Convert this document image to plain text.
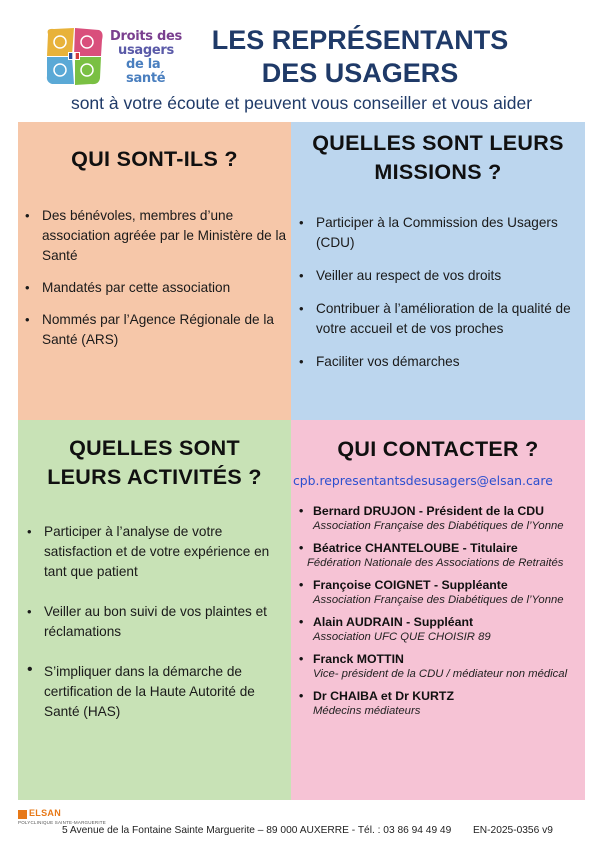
Droits des
usagers
de la santé
LES REPRÉSENTANTS
DES USAGERS
sont à votre écoute et peuvent vous conseiller et vous aider
QUI SONT-ILS ?
• Des bénévoles, membres d’une association agréée par le Ministère de la Santé
• Mandatés par cette association
• Nommés par l’Agence Régionale de la Santé (ARS)
QUELLES SONT LEURS
MISSIONS ?
• Participer à la Commission des Usagers (CDU)
• Veiller au respect de vos droits
• Contribuer à l’amélioration de la qualité de votre accueil et de vos proches
• Faciliter vos démarches
QUELLES SONT
LEURS ACTIVITÉS ?
• Participer à l’analyse de votre satisfaction et de votre expérience en tant que patient
• Veiller au bon suivi de vos plaintes et réclamations
• S’impliquer dans la démarche de certification de la Haute Autorité de Santé (HAS)
QUI CONTACTER ?
cpb.representantsdesusagers@elsan.care
• Bernard DRUJON - Président de la CDU
Association Française des Diabétiques de l’Yonne
• Béatrice CHANTELOUBE - Titulaire
Fédération Nationale des Associations de Retraités
• Françoise COIGNET - Suppléante
Association Française des Diabétiques de l’Yonne
• Alain AUDRAIN - Suppléant
Association UFC QUE CHOISIR 89
• Franck MOTTIN
Vice- président de la CDU / médiateur non médical
• Dr CHAIBA et Dr KURTZ
Médecins médiateurs
ELSAN
POLYCLINIQUE SAINTE-MARGUERITE
5 Avenue de la Fontaine Sainte Marguerite – 89 000 AUXERRE - Tél. : 03 86 94 49 49 EN-2025-0356 v9
